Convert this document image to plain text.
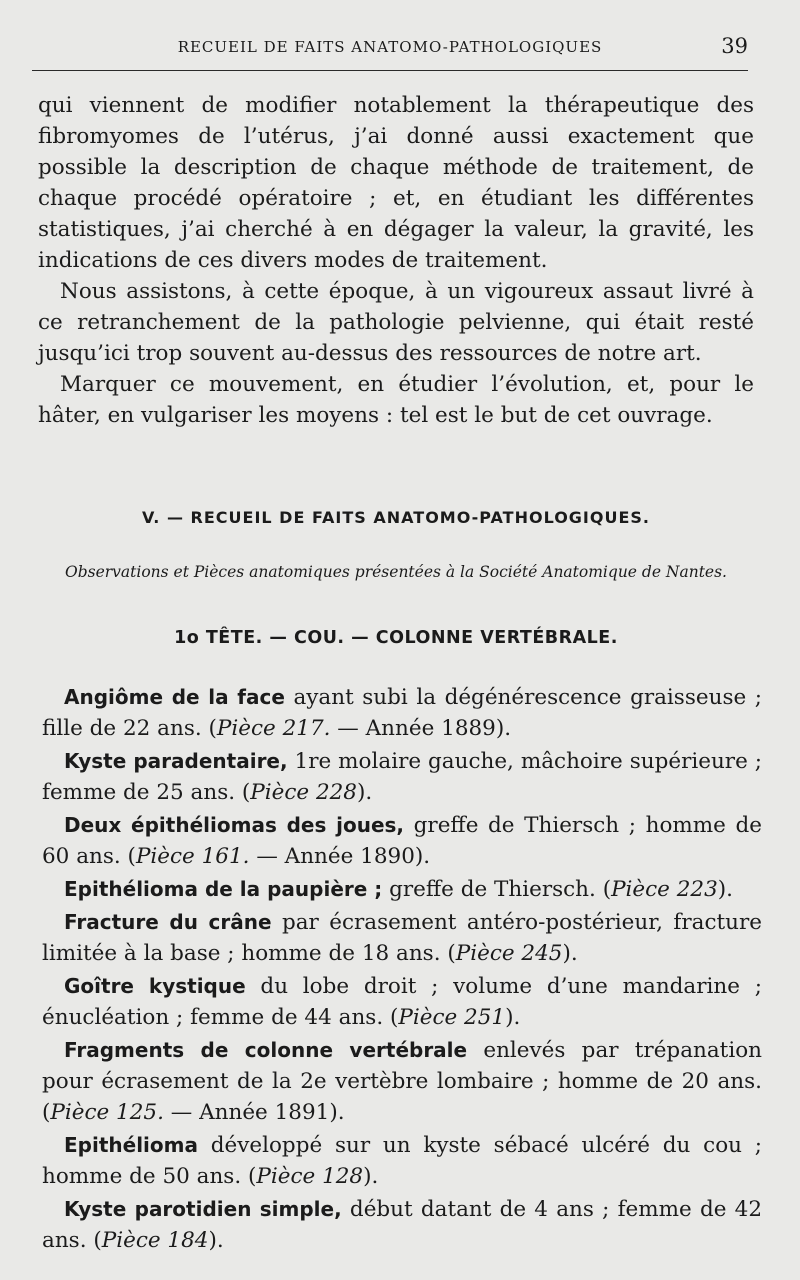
RECUEIL DE FAITS ANATOMO-PATHOLOGIQUES	39

qui viennent de modifier notablement la thérapeutique des fibromyomes de l’utérus, j’ai donné aussi exactement que possible la description de chaque méthode de traitement, de chaque procédé opératoire ; et, en étudiant les différentes statistiques, j’ai cherché à en dégager la valeur, la gravité, les indications de ces divers modes de traitement.

Nous assistons, à cette époque, à un vigoureux assaut livré à ce retranchement de la pathologie pelvienne, qui était resté jusqu’ici trop souvent au-dessus des ressources de notre art.

Marquer ce mouvement, en étudier l’évolution, et, pour le hâter, en vulgariser les moyens : tel est le but de cet ouvrage.

V. — RECUEIL DE FAITS ANATOMO-PATHOLOGIQUES.
Observations et Pièces anatomiques présentées à la Société Anatomique de Nantes.
1o TÊTE. — COU. — COLONNE VERTÉBRALE.

Angiôme de la face ayant subi la dégénérescence graisseuse ; fille de 22 ans. (Pièce 217. — Année 1889).

Kyste paradentaire, 1re molaire gauche, mâchoire supérieure ; femme de 25 ans. (Pièce 228).

Deux épithéliomas des joues, greffe de Thiersch ; homme de 60 ans. (Pièce 161. — Année 1890).

Epithélioma de la paupière ; greffe de Thiersch. (Pièce 223).

Fracture du crâne par écrasement antéro-postérieur, fracture limitée à la base ; homme de 18 ans. (Pièce 245).

Goître kystique du lobe droit ; volume d’une mandarine ; énucléation ; femme de 44 ans. (Pièce 251).

Fragments de colonne vertébrale enlevés par trépanation pour écrasement de la 2e vertèbre lombaire ; homme de 20 ans. (Pièce 125. — Année 1891).

Epithélioma développé sur un kyste sébacé ulcéré du cou ; homme de 50 ans. (Pièce 128).

Kyste parotidien simple, début datant de 4 ans ; femme de 42 ans. (Pièce 184).
